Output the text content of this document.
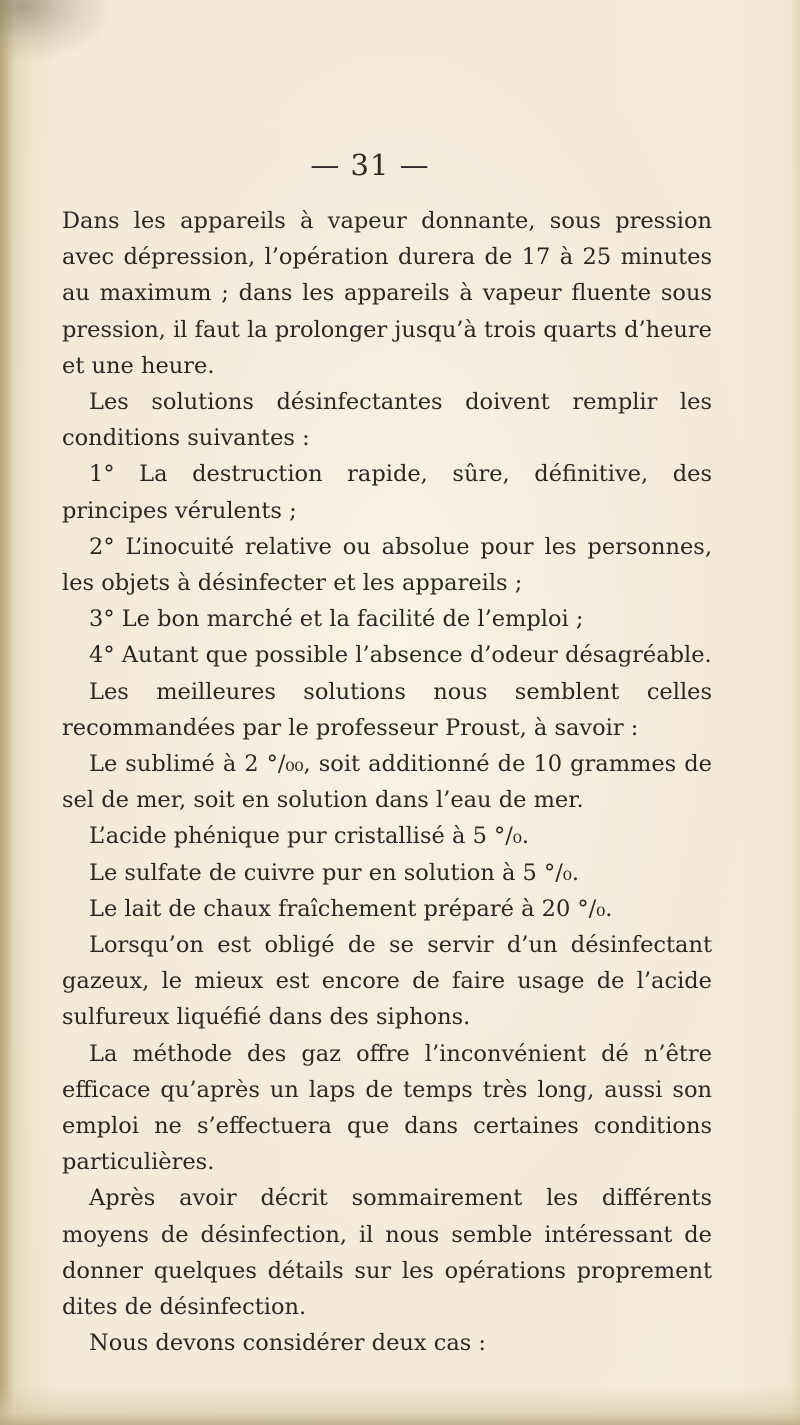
— 31 —

Dans les appareils à vapeur donnante, sous pression avec dépression, l’opération durera de 17 à 25 minutes au maximum ; dans les appareils à vapeur fluente sous pression, il faut la prolonger jusqu’à trois quarts d’heure et une heure.

Les solutions désinfectantes doivent remplir les conditions suivantes :

1° La destruction rapide, sûre, définitive, des principes vérulents ;

2° L’inocuité relative ou absolue pour les personnes, les objets à désinfecter et les appareils ;

3° Le bon marché et la facilité de l’emploi ;

4° Autant que possible l’absence d’odeur désagréable.

Les meilleures solutions nous semblent celles recommandées par le professeur Proust, à savoir :

Le sublimé à 2 °/₀₀, soit additionné de 10 grammes de sel de mer, soit en solution dans l’eau de mer.

L’acide phénique pur cristallisé à 5 °/₀.

Le sulfate de cuivre pur en solution à 5 °/₀.

Le lait de chaux fraîchement préparé à 20 °/₀.

Lorsqu’on est obligé de se servir d’un désinfectant gazeux, le mieux est encore de faire usage de l’acide sulfureux liquéfié dans des siphons.

La méthode des gaz offre l’inconvénient dé n’être efficace qu’après un laps de temps très long, aussi son emploi ne s’effectuera que dans certaines conditions particulières.

Après avoir décrit sommairement les différents moyens de désinfection, il nous semble intéressant de donner quelques détails sur les opérations proprement dites de désinfection.

Nous devons considérer deux cas :
